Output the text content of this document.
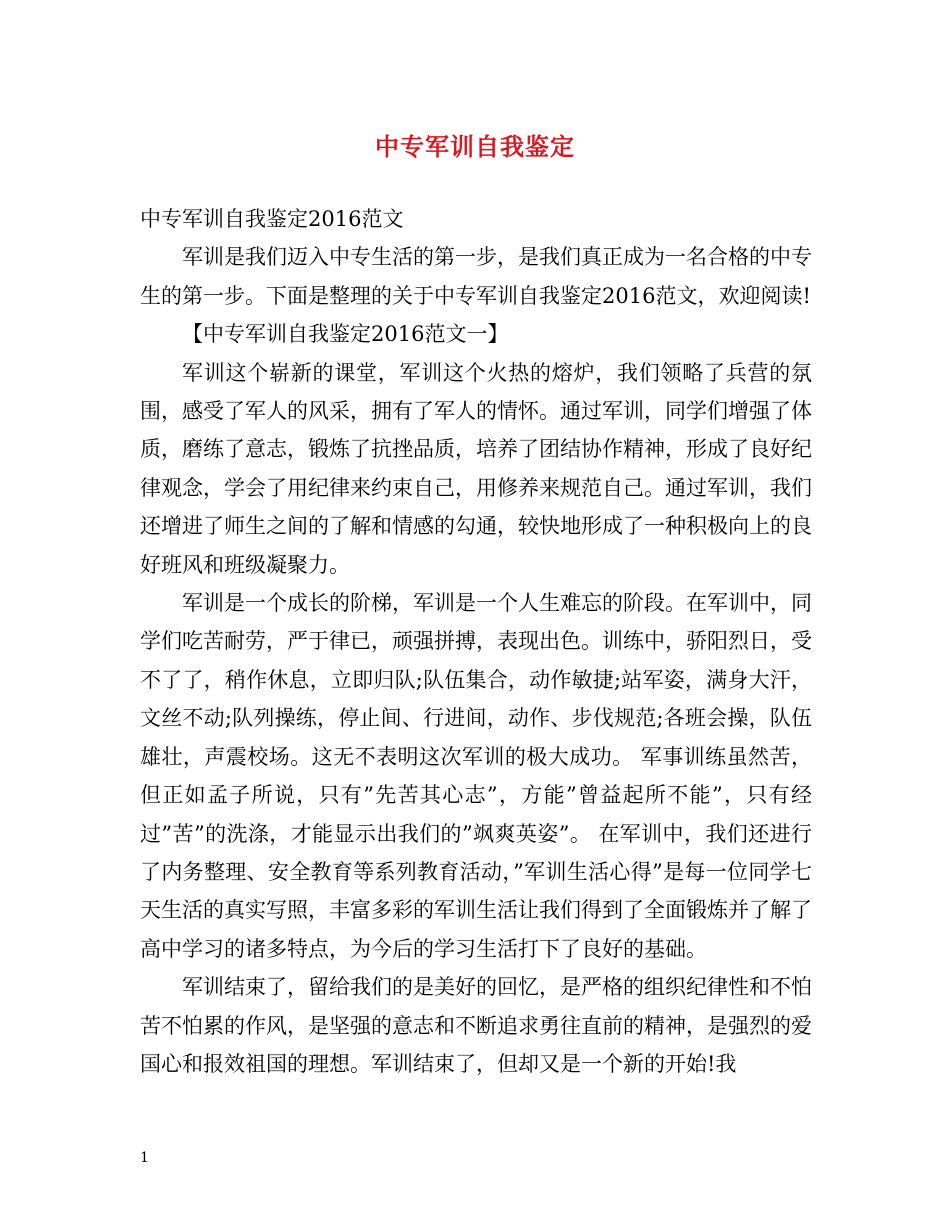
中专军训自我鉴定

中专军训自我鉴定2016范文

军训是我们迈入中专生活的第一步，是我们真正成为一名合格的中专生的第一步。下面是整理的关于中专军训自我鉴定2016范文，欢迎阅读!

【中专军训自我鉴定2016范文一】

军训这个崭新的课堂，军训这个火热的熔炉，我们领略了兵营的氛围，感受了军人的风采，拥有了军人的情怀。通过军训，同学们增强了体质，磨练了意志，锻炼了抗挫品质，培养了团结协作精神，形成了良好纪律观念，学会了用纪律来约束自己，用修养来规范自己。通过军训，我们还增进了师生之间的了解和情感的勾通，较快地形成了一种积极向上的良好班风和班级凝聚力。

军训是一个成长的阶梯，军训是一个人生难忘的阶段。在军训中，同学们吃苦耐劳，严于律已，顽强拼搏，表现出色。训练中，骄阳烈日，受不了了，稍作休息，立即归队;队伍集合，动作敏捷;站军姿，满身大汗，文丝不动;队列操练，停止间、行进间，动作、步伐规范;各班会操，队伍雄壮，声震校场。这无不表明这次军训的极大成功。 军事训练虽然苦，但正如孟子所说，只有”先苦其心志”，方能”曾益起所不能”，只有经过”苦”的洗涤，才能显示出我们的”飒爽英姿”。 在军训中，我们还进行了内务整理、安全教育等系列教育活动，”军训生活心得”是每一位同学七天生活的真实写照，丰富多彩的军训生活让我们得到了全面锻炼并了解了高中学习的诸多特点，为今后的学习生活打下了良好的基础。

军训结束了，留给我们的是美好的回忆，是严格的组织纪律性和不怕苦不怕累的作风，是坚强的意志和不断追求勇往直前的精神，是强烈的爱国心和报效祖国的理想。军训结束了，但却又是一个新的开始!我

1
